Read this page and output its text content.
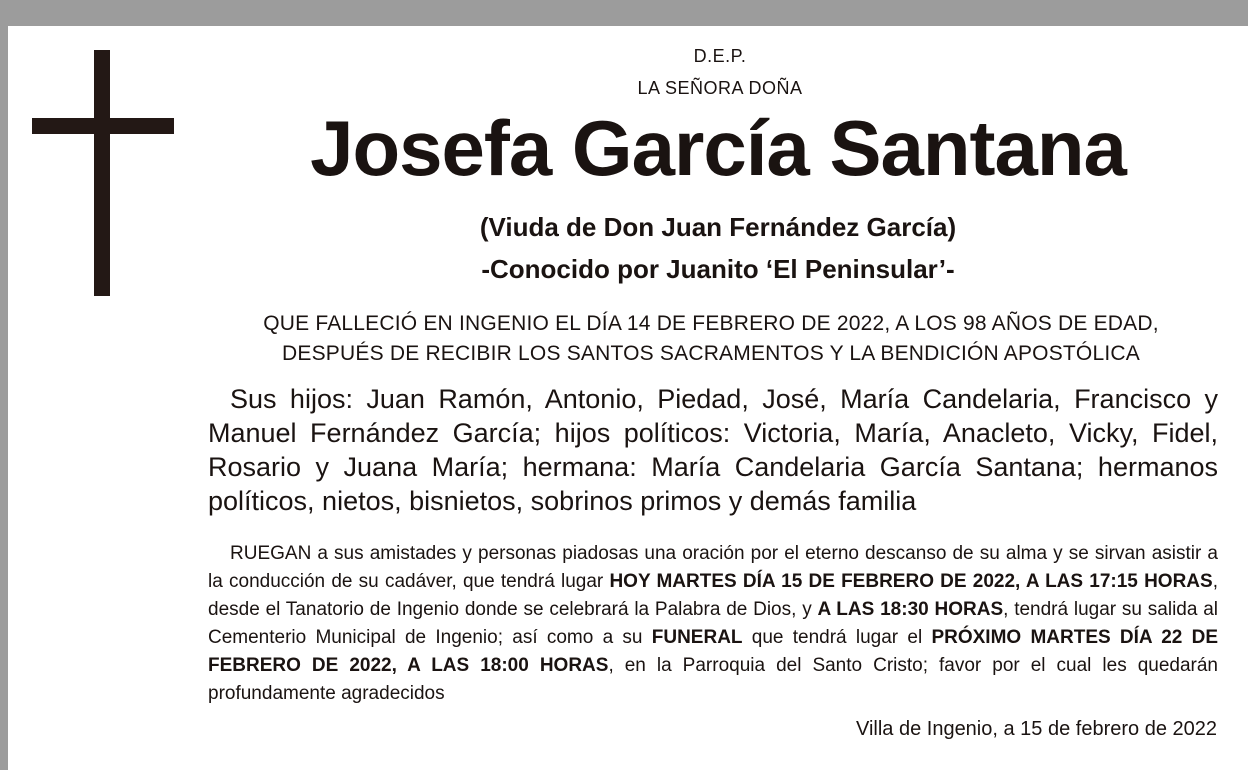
D.E.P.
LA SEÑORA DOÑA
Josefa García Santana
(Viuda de Don Juan Fernández García)
-Conocido por Juanito ‘El Peninsular’-
QUE FALLECIÓ EN INGENIO EL DÍA 14 DE FEBRERO DE 2022, A LOS 98 AÑOS DE EDAD,
DESPUÉS DE RECIBIR LOS SANTOS SACRAMENTOS Y LA BENDICIÓN APOSTÓLICA

Sus hijos: Juan Ramón, Antonio, Piedad, José, María Candelaria, Francisco y Manuel Fernández García; hijos políticos: Victoria, María, Anacleto, Vicky, Fidel, Rosario y Juana María; hermana: María Candelaria García Santana; hermanos políticos, nietos, bisnietos, sobrinos primos y demás familia

RUEGAN a sus amistades y personas piadosas una oración por el eterno descanso de su alma y se sirvan asistir a la conducción de su cadáver, que tendrá lugar HOY MARTES DÍA 15 DE FEBRERO DE 2022, A LAS 17:15 HORAS, desde el Tanatorio de Ingenio donde se celebrará la Palabra de Dios, y A LAS 18:30 HORAS, tendrá lugar su salida al Cementerio Municipal de Ingenio; así como a su FUNERAL que tendrá lugar el PRÓXIMO MARTES DÍA 22 DE FEBRERO DE 2022, A LAS 18:00 HORAS, en la Parroquia del Santo Cristo; favor por el cual les quedarán profundamente agradecidos

Villa de Ingenio, a 15 de febrero de 2022
